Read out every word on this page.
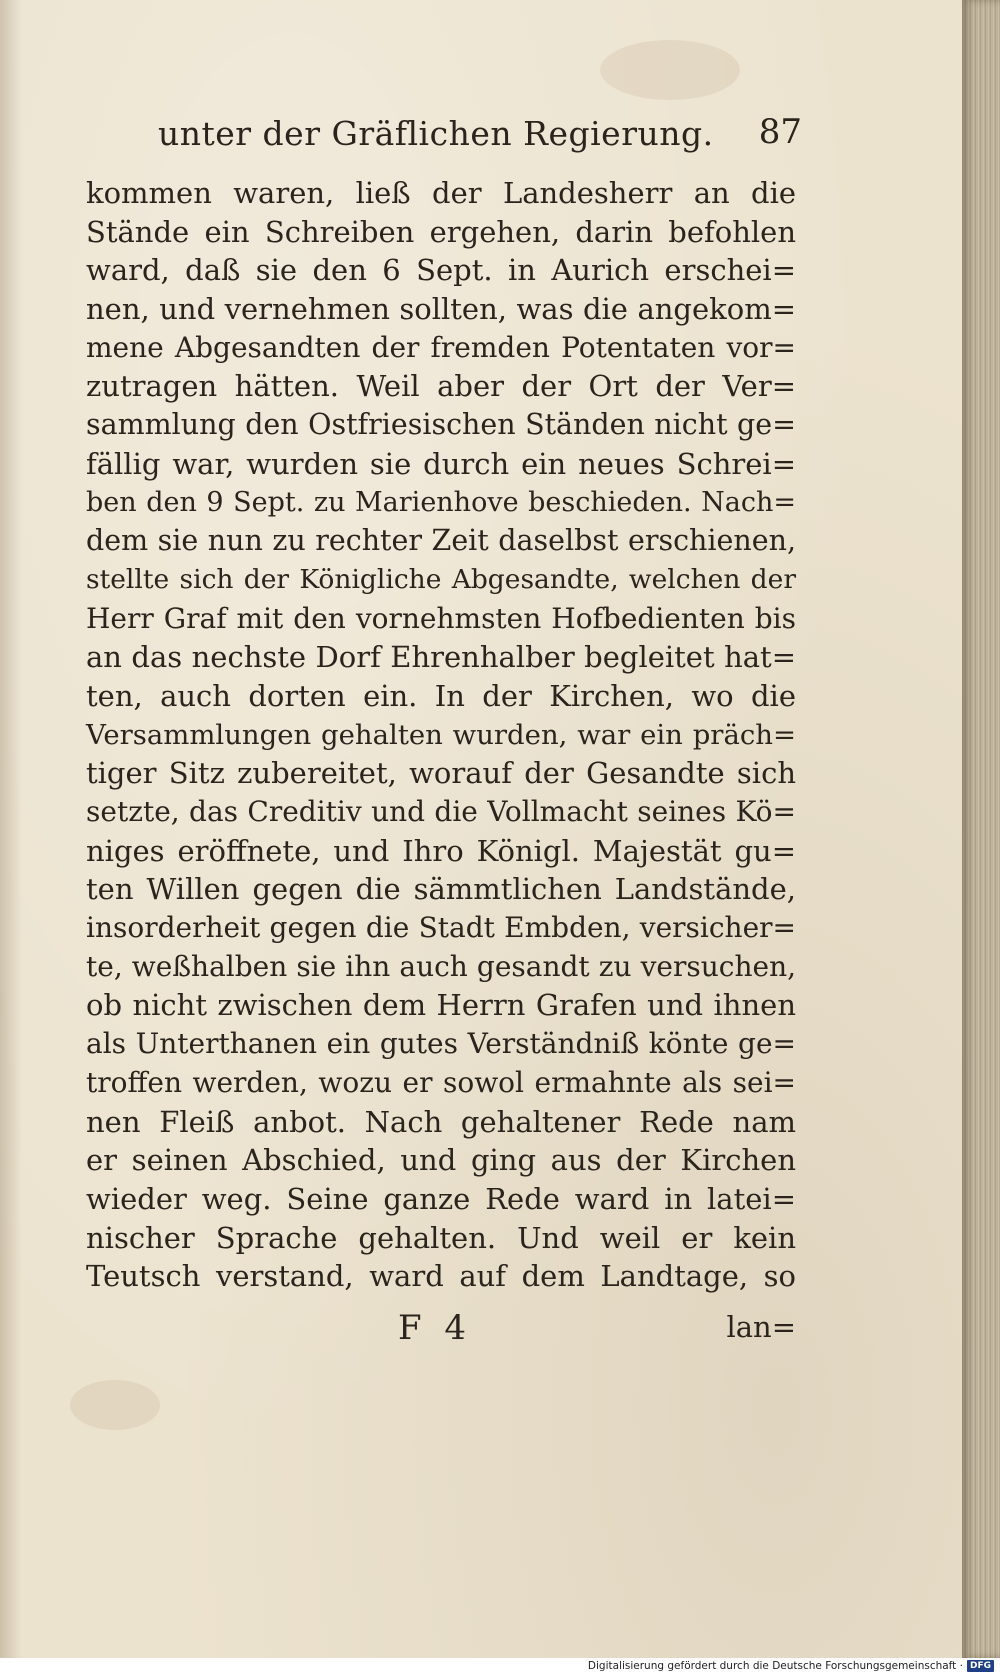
unter der Gräflichen Regierung. 87
kommen waren, ließ der Landesherr an die
Stände ein Schreiben ergehen, darin befohlen
ward, daß sie den 6 Sept. in Aurich erschei=
nen, und vernehmen sollten, was die angekom=
mene Abgesandten der fremden Potentaten vor=
zutragen hätten. Weil aber der Ort der Ver=
sammlung den Ostfriesischen Ständen nicht ge=
fällig war, wurden sie durch ein neues Schrei=
ben den 9 Sept. zu Marienhove beschieden. Nach=
dem sie nun zu rechter Zeit daselbst erschienen,
stellte sich der Königliche Abgesandte, welchen der
Herr Graf mit den vornehmsten Hofbedienten bis
an das nechste Dorf Ehrenhalber begleitet hat=
ten, auch dorten ein. In der Kirchen, wo die
Versammlungen gehalten wurden, war ein präch=
tiger Sitz zubereitet, worauf der Gesandte sich
setzte, das Creditiv und die Vollmacht seines Kö=
niges eröffnete, und Ihro Königl. Majestät gu=
ten Willen gegen die sämmtlichen Landstände,
insorderheit gegen die Stadt Embden, versicher=
te, weßhalben sie ihn auch gesandt zu versuchen,
ob nicht zwischen dem Herrn Grafen und ihnen
als Unterthanen ein gutes Verständniß könte ge=
troffen werden, wozu er sowol ermahnte als sei=
nen Fleiß anbot. Nach gehaltener Rede nam
er seinen Abschied, und ging aus der Kirchen
wieder weg. Seine ganze Rede ward in latei=
nischer Sprache gehalten. Und weil er kein
Teutsch verstand, ward auf dem Landtage, so
F 4	lan=
Digitalisierung gefördert durch die Deutsche Forschungsgemeinschaft · DFG
